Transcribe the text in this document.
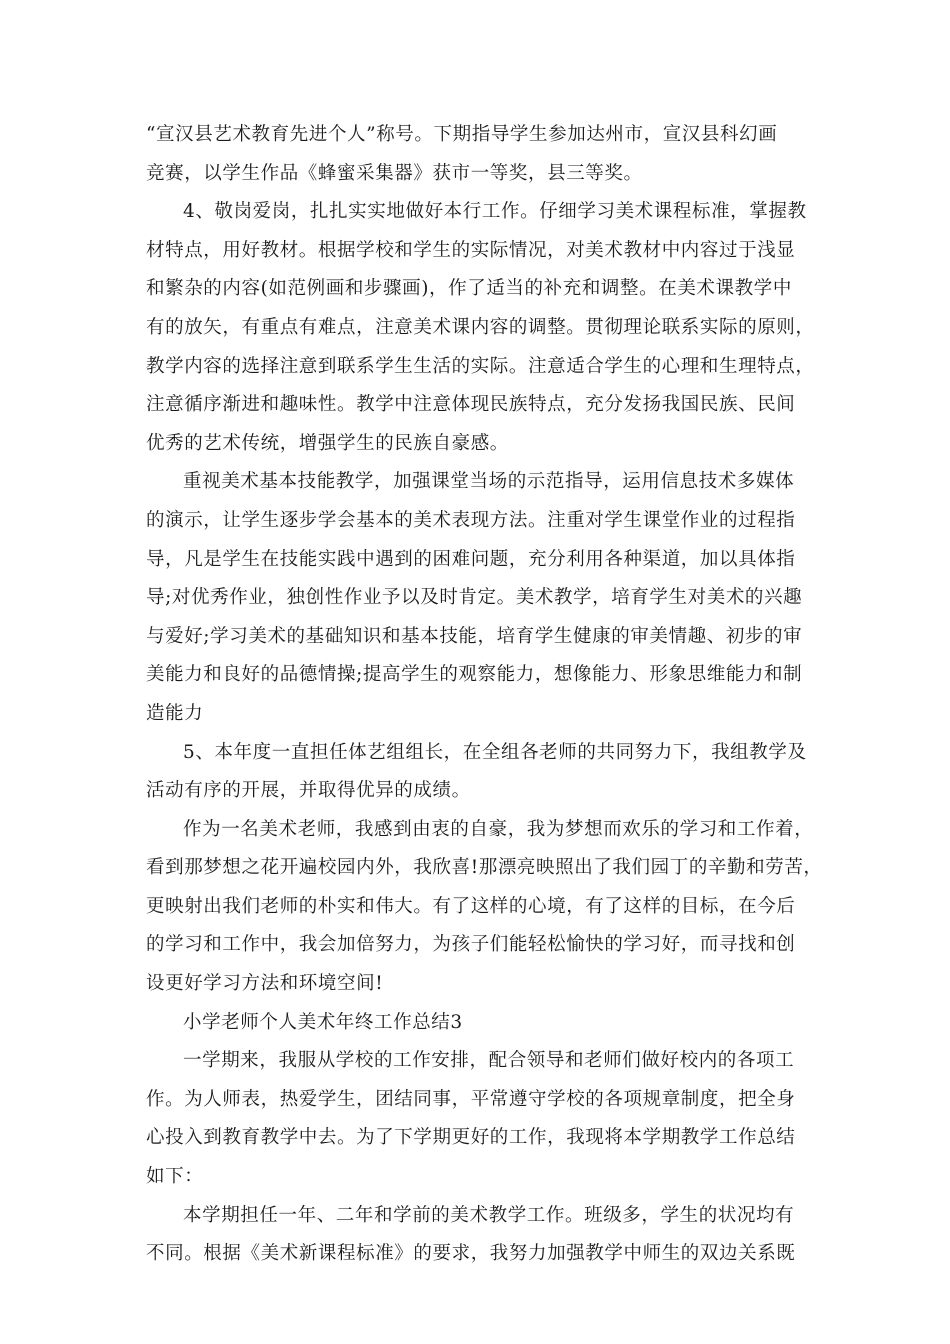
“宣汉县艺术教育先进个人”称号。下期指导学生参加达州市，宣汉县科幻画
竞赛，以学生作品《蜂蜜采集器》获市一等奖，县三等奖。
4、敬岗爱岗，扎扎实实地做好本行工作。仔细学习美术课程标准，掌握教
材特点，用好教材。根据学校和学生的实际情况，对美术教材中内容过于浅显
和繁杂的内容(如范例画和步骤画)，作了适当的补充和调整。在美术课教学中
有的放矢，有重点有难点，注意美术课内容的调整。贯彻理论联系实际的原则，
教学内容的选择注意到联系学生生活的实际。注意适合学生的心理和生理特点，
注意循序渐进和趣味性。教学中注意体现民族特点，充分发扬我国民族、民间
优秀的艺术传统，增强学生的民族自豪感。
重视美术基本技能教学，加强课堂当场的示范指导，运用信息技术多媒体
的演示，让学生逐步学会基本的美术表现方法。注重对学生课堂作业的过程指
导，凡是学生在技能实践中遇到的困难问题，充分利用各种渠道，加以具体指
导;对优秀作业，独创性作业予以及时肯定。美术教学，培育学生对美术的兴趣
与爱好;学习美术的基础知识和基本技能，培育学生健康的审美情趣、初步的审
美能力和良好的品德情操;提高学生的观察能力，想像能力、形象思维能力和制
造能力
5、本年度一直担任体艺组组长，在全组各老师的共同努力下，我组教学及
活动有序的开展，并取得优异的成绩。
作为一名美术老师，我感到由衷的自豪，我为梦想而欢乐的学习和工作着，
看到那梦想之花开遍校园内外，我欣喜!那漂亮映照出了我们园丁的辛勤和劳苦，
更映射出我们老师的朴实和伟大。有了这样的心境，有了这样的目标，在今后
的学习和工作中，我会加倍努力，为孩子们能轻松愉快的学习好，而寻找和创
设更好学习方法和环境空间!
小学老师个人美术年终工作总结3
一学期来，我服从学校的工作安排，配合领导和老师们做好校内的各项工
作。为人师表，热爱学生，团结同事，平常遵守学校的各项规章制度，把全身
心投入到教育教学中去。为了下学期更好的工作，我现将本学期教学工作总结
如下：
本学期担任一年、二年和学前的美术教学工作。班级多，学生的状况均有
不同。根据《美术新课程标准》的要求，我努力加强教学中师生的双边关系既
